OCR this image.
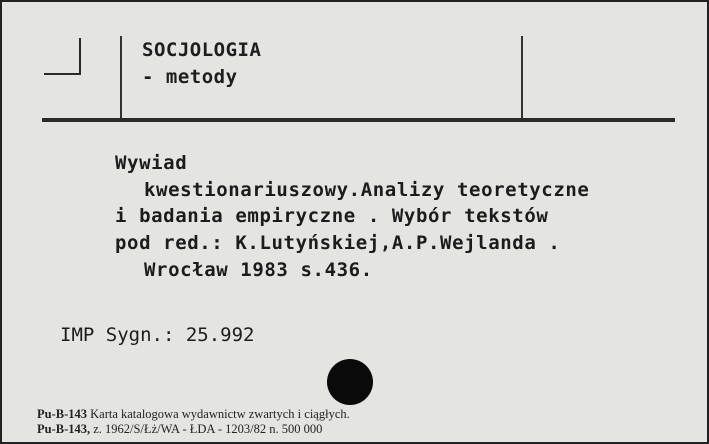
SOCJOLOGIA
- metody
Wywiad
kwestionariuszowy.Analizy teoretyczne
i badania empiryczne . Wybór tekstów
pod red.: K.Lutyńskiej,A.P.Wejlanda .
Wrocław 1983 s.436.
IMP Sygn.: 25.992
Pu-B-143 Karta katalogowa wydawnictw zwartych i ciągłych.
Pu-B-143, z. 1962/S/Łż/WA - ŁDA - 1203/82 n. 500 000
